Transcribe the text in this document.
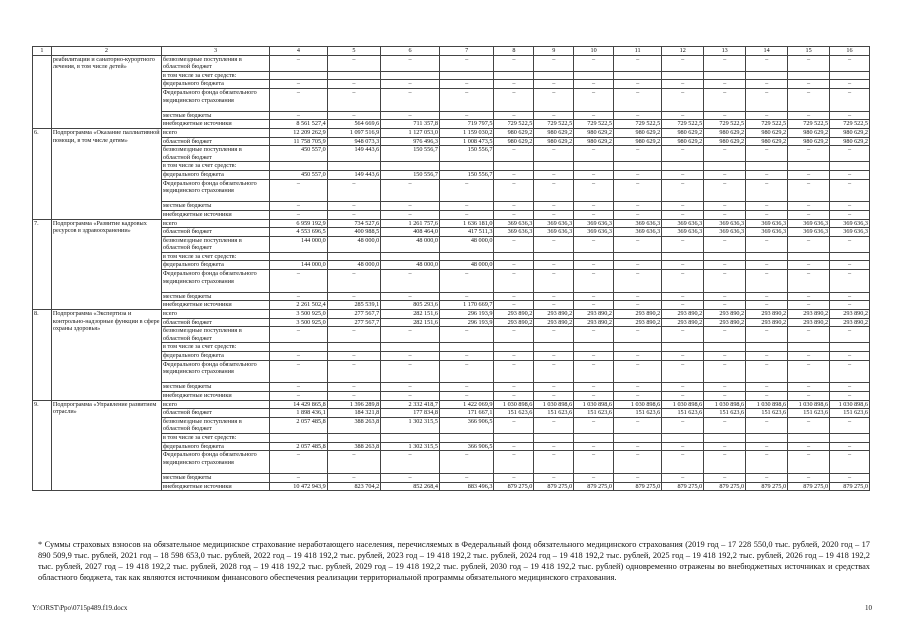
1	2	3	4	5	6	7	8	9	10	11	12	13	14	15	16
	реабилитации и санаторно-курортного лечения, в том числе детей»	безвозмездные поступления в областной бюджет	–	–	–	–	–	–	–	–	–	–	–	–	–
		в том числе за счет средств:													
		федерального бюджета	–	–	–	–	–	–	–	–	–	–	–	–	–
		Федерального фонда обязательного медицинского страхования	–	–	–	–	–	–	–	–	–	–	–	–	–
		местные бюджеты	–	–	–	–	–	–	–	–	–	–	–	–	–
		внебюджетные источники	8 561 527,4	564 669,6	711 357,8	719 797,5	729 522,5	729 522,5	729 522,5	729 522,5	729 522,5	729 522,5	729 522,5	729 522,5	729 522,5
6.	Подпрограмма «Оказание паллиативной помощи, в том числе детям»	всего	12 209 262,9	1 097 516,9	1 127 053,0	1 159 030,2	980 629,2	980 629,2	980 629,2	980 629,2	980 629,2	980 629,2	980 629,2	980 629,2	980 629,2
		областной бюджет	11 758 705,9	948 073,3	976 496,3	1 008 473,5	980 629,2	980 629,2	980 629,2	980 629,2	980 629,2	980 629,2	980 629,2	980 629,2	980 629,2
		безвозмездные поступления в областной бюджет	450 557,0	149 443,6	150 556,7	150 556,7	–	–	–	–	–	–	–	–	–
		в том числе за счет средств:													
		федерального бюджета	450 557,0	149 443,6	150 556,7	150 556,7	–	–	–	–	–	–	–	–	–
		Федерального фонда обязательного медицинского страхования	–	–	–	–	–	–	–	–	–	–	–	–	–
		местные бюджеты	–	–	–	–	–	–	–	–	–	–	–	–	–
		внебюджетные источники	–	–	–	–	–	–	–	–	–	–	–	–	–
7.	Подпрограмма «Развитие кадровых ресурсов в здравоохранении»	всего	6 959 192,9	734 527,6	1 261 757,6	1 636 181,0	369 636,3	369 636,3	369 636,3	369 636,3	369 636,3	369 636,3	369 636,3	369 636,3	369 636,3
		областной бюджет	4 553 696,5	400 988,5	408 464,0	417 511,3	369 636,3	369 636,3	369 636,3	369 636,3	369 636,3	369 636,3	369 636,3	369 636,3	369 636,3
		безвозмездные поступления в областной бюджет	144 000,0	48 000,0	48 000,0	48 000,0	–	–	–	–	–	–	–	–	–
		в том числе за счет средств:													
		федерального бюджета	144 000,0	48 000,0	48 000,0	48 000,0	–	–	–	–	–	–	–	–	–
		Федерального фонда обязательного медицинского страхования	–	–	–	–	–	–	–	–	–	–	–	–	–
		местные бюджеты	–	–	–	–	–	–	–	–	–	–	–	–	–
		внебюджетные источники	2 261 502,4	285 539,1	805 293,6	1 170 669,7	–	–	–	–	–	–	–	–	–
8.	Подпрограмма «Экспертиза и контрольно-надзорные функции в сфере охраны здоровья»	всего	3 500 925,0	277 567,7	282 151,6	296 193,9	293 890,2	293 890,2	293 890,2	293 890,2	293 890,2	293 890,2	293 890,2	293 890,2	293 890,2
		областной бюджет	3 500 925,0	277 567,7	282 151,6	296 193,9	293 890,2	293 890,2	293 890,2	293 890,2	293 890,2	293 890,2	293 890,2	293 890,2	293 890,2
		безвозмездные поступления в областной бюджет	–	–	–	–	–	–	–	–	–	–	–	–	–
		в том числе за счет средств:													
		федерального бюджета	–	–	–	–	–	–	–	–	–	–	–	–	–
		Федерального фонда обязательного медицинского страхования	–	–	–	–	–	–	–	–	–	–	–	–	–
		местные бюджеты	–	–	–	–	–	–	–	–	–	–	–	–	–
		внебюджетные источники	–	–	–	–	–	–	–	–	–	–	–	–	–
9.	Подпрограмма «Управление развитием отрасли»	всего	14 429 865,8	1 396 289,8	2 332 418,7	1 422 069,9	1 030 898,6	1 030 898,6	1 030 898,6	1 030 898,6	1 030 898,6	1 030 898,6	1 030 898,6	1 030 898,6	1 030 898,6
		областной бюджет	1 898 436,1	184 321,8	177 834,8	171 667,1	151 623,6	151 623,6	151 623,6	151 623,6	151 623,6	151 623,6	151 623,6	151 623,6	151 623,6
		безвозмездные поступления в областной бюджет	2 057 485,8	388 263,8	1 302 315,5	366 906,5	–	–	–	–	–	–	–	–	–
		в том числе за счет средств:													
		федерального бюджета	2 057 485,8	388 263,8	1 302 315,5	366 906,5	–	–	–	–	–	–	–	–	–
		Федерального фонда обязательного медицинского страхования	–	–	–	–	–	–	–	–	–	–	–	–	–
		местные бюджеты	–	–	–	–	–	–	–	–	–	–	–	–	–
		внебюджетные источники	10 472 943,9	823 704,2	852 268,4	883 496,3	879 275,0	879 275,0	879 275,0	879 275,0	879 275,0	879 275,0	879 275,0	879 275,0	879 275,0
* Суммы страховых взносов на обязательное медицинское страхование неработающего населения, перечисляемых в Федеральный фонд обязательного медицинского страхования (2019 год – 17 228 550,0 тыс. рублей, 2020 год – 17 890 509,9 тыс. рублей, 2021 год – 18 598 653,0 тыс. рублей, 2022 год – 19 418 192,2 тыс. рублей, 2023 год – 19 418 192,2 тыс. рублей, 2024 год – 19 418 192,2 тыс. рублей, 2025 год – 19 418 192,2 тыс. рублей, 2026 год – 19 418 192,2 тыс. рублей, 2027 год – 19 418 192,2 тыс. рублей, 2028 год – 19 418 192,2 тыс. рублей, 2029 год – 19 418 192,2 тыс. рублей, 2030 год – 19 418 192,2 тыс. рублей) одновременно отражены во внебюджетных источниках и средствах областного бюджета, так как являются источником финансового обеспечения реализации территориальной программы обязательного медицинского страхования.
Y:\ORST\Ppo\0715p489.f19.docx	10
